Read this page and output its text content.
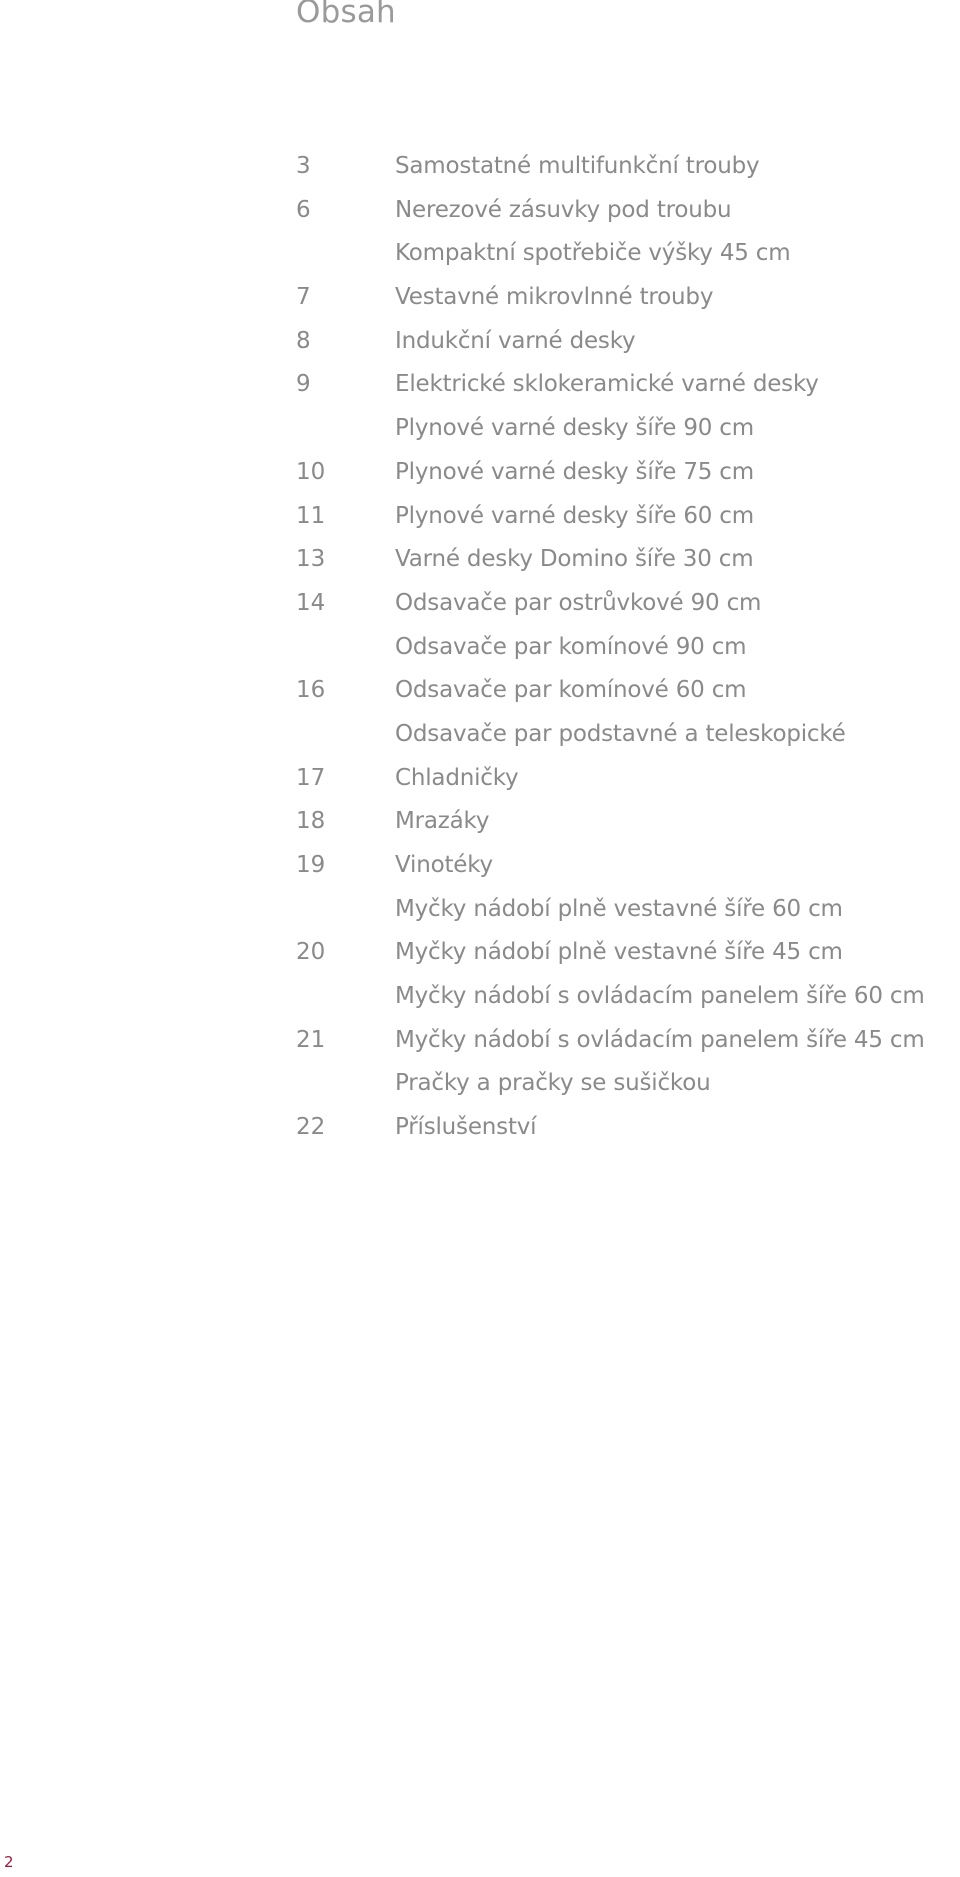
Obsah
3	Samostatné multifunkční trouby
6	Nerezové zásuvky pod troubu
Kompaktní spotřebiče výšky 45 cm
7	Vestavné mikrovlnné trouby
8	Indukční varné desky
9	Elektrické sklokeramické varné desky
Plynové varné desky šíře 90 cm
10	Plynové varné desky šíře 75 cm
11	Plynové varné desky šíře 60 cm
13	Varné desky Domino šíře 30 cm
14	Odsavače par ostrůvkové 90 cm
Odsavače par komínové 90 cm
16	Odsavače par komínové 60 cm
Odsavače par podstavné a teleskopické
17	Chladničky
18	Mrazáky
19	Vinotéky
Myčky nádobí plně vestavné šíře 60 cm
20	Myčky nádobí plně vestavné šíře 45 cm
Myčky nádobí s ovládacím panelem šíře 60 cm
21	Myčky nádobí s ovládacím panelem šíře 45 cm
Pračky a pračky se sušičkou
22	Příslušenství
2
